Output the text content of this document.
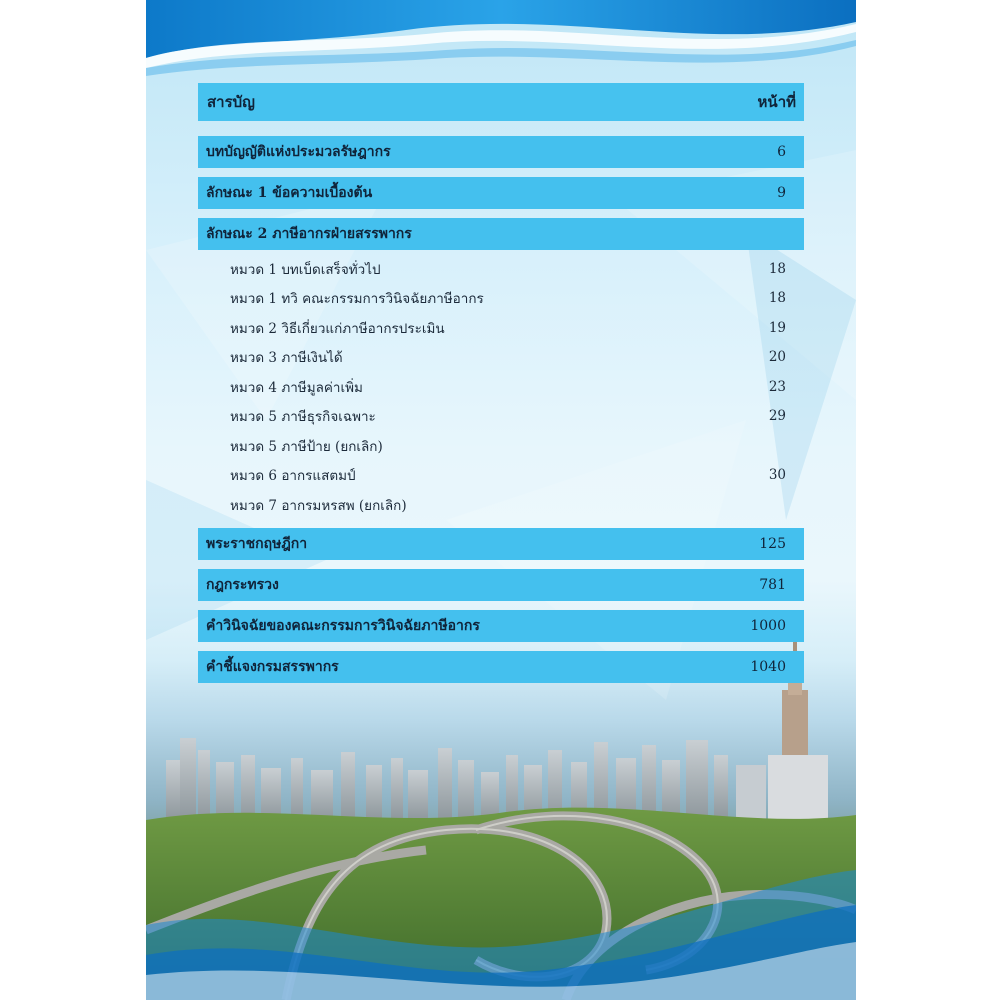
สารบัญ	หน้าที่
บทบัญญัติแห่งประมวลรัษฎากร	6
ลักษณะ 1 ข้อความเบื้องต้น	9
ลักษณะ 2 ภาษีอากรฝ่ายสรรพากร
หมวด 1 บทเบ็ดเสร็จทั่วไป	18
หมวด 1 ทวิ คณะกรรมการวินิจฉัยภาษีอากร	18
หมวด 2 วิธีเกี่ยวแก่ภาษีอากรประเมิน	19
หมวด 3 ภาษีเงินได้	20
หมวด 4 ภาษีมูลค่าเพิ่ม	23
หมวด 5 ภาษีธุรกิจเฉพาะ	29
หมวด 5 ภาษีป้าย (ยกเลิก)
หมวด 6 อากรแสตมป์	30
หมวด 7 อากรมหรสพ (ยกเลิก)
พระราชกฤษฎีกา	125
กฎกระทรวง	781
คำวินิจฉัยของคณะกรรมการวินิจฉัยภาษีอากร	1000
คำชี้แจงกรมสรรพากร	1040
